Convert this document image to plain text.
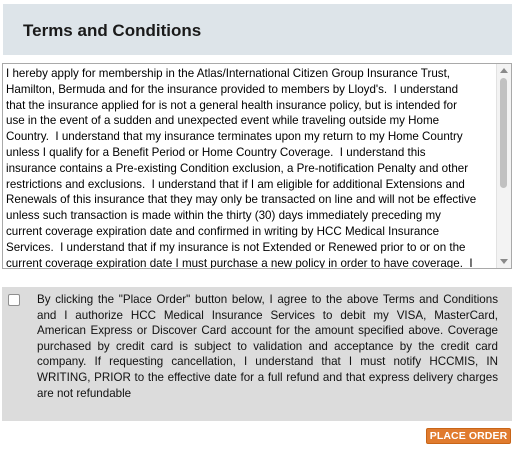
Terms and Conditions

I hereby apply for membership in the Atlas/International Citizen Group Insurance Trust,
Hamilton, Bermuda and for the insurance provided to members by Lloyd's.  I understand
that the insurance applied for is not a general health insurance policy, but is intended for
use in the event of a sudden and unexpected event while traveling outside my Home
Country.  I understand that my insurance terminates upon my return to my Home Country
unless I qualify for a Benefit Period or Home Country Coverage.  I understand this
insurance contains a Pre-existing Condition exclusion, a Pre-notification Penalty and other
restrictions and exclusions.  I understand that if I am eligible for additional Extensions and
Renewals of this insurance that they may only be transacted on line and will not be effective
unless such transaction is made within the thirty (30) days immediately preceding my
current coverage expiration date and confirmed in writing by HCC Medical Insurance
Services.  I understand that if my insurance is not Extended or Renewed prior to or on the
current coverage expiration date I must purchase a new policy in order to have coverage.  I

By clicking the "Place Order" button below, I agree to the above Terms and Conditions and I authorize HCC Medical Insurance Services to debit my VISA, MasterCard, American Express or Discover Card account for the amount specified above. Coverage purchased by credit card is subject to validation and acceptance by the credit card company. If requesting cancellation, I understand that I must notify HCCMIS, IN WRITING, PRIOR to the effective date for a full refund and that express delivery charges are not refundable

PLACE ORDER
